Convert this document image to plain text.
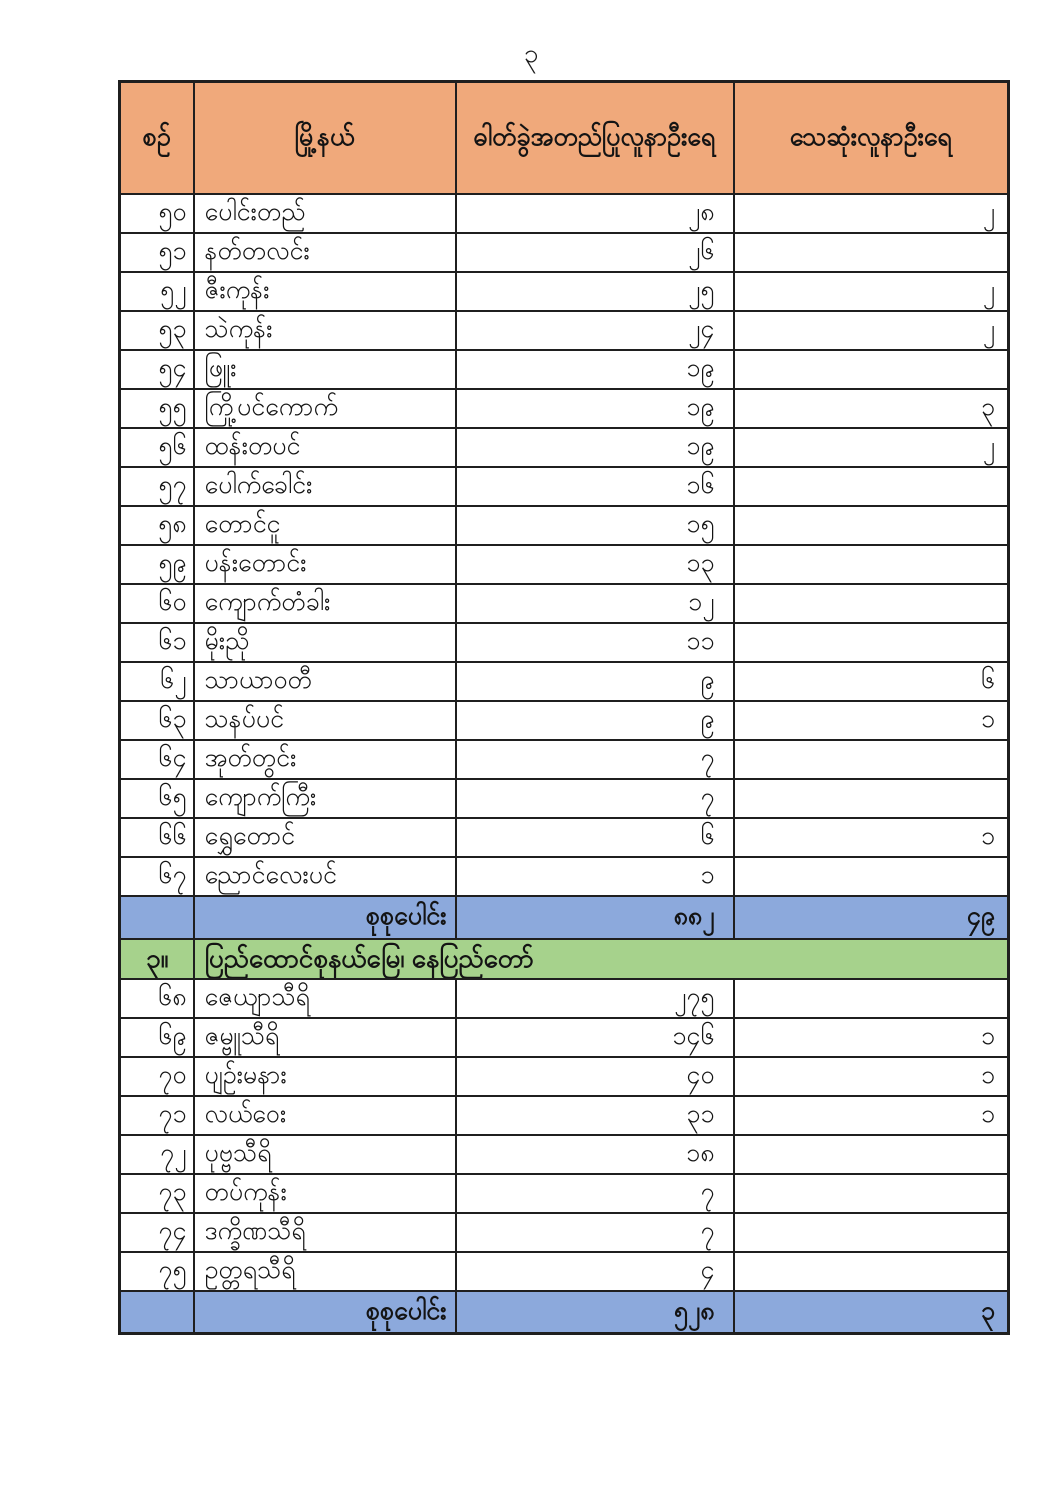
၃
စဉ်	မြို့နယ်	ဓါတ်ခွဲအတည်ပြုလူနာဦးရေ	သေဆုံးလူနာဦးရေ
၅၀	ပေါင်းတည်	၂၈	၂
၅၁	နတ်တလင်း	၂၆	
၅၂	ဇီးကုန်း	၂၅	၂
၅၃	သဲကုန်း	၂၄	၂
၅၄	ဖြူး	၁၉	
၅၅	ကြို့ပင်ကောက်	၁၉	၃
၅၆	ထန်းတပင်	၁၉	၂
၅၇	ပေါက်ခေါင်း	၁၆	
၅၈	တောင်ငူ	၁၅	
၅၉	ပန်းတောင်း	၁၃	
၆၀	ကျောက်တံခါး	၁၂	
၆၁	မိုးညို	၁၁	
၆၂	သာယာဝတီ	၉	၆
၆၃	သနပ်ပင်	၉	၁
၆၄	အုတ်တွင်း	၇	
၆၅	ကျောက်ကြီး	၇	
၆၆	ရွှေတောင်	၆	၁
၆၇	ညောင်လေးပင်	၁	
	စုစုပေါင်း	၈၈၂	၄၉
၃။	ပြည်ထောင်စုနယ်မြေ၊ နေပြည်တော်		
၆၈	ဇေယျာသီရိ	၂၇၅	
၆၉	ဇမ္ဗူသီရိ	၁၄၆	၁
၇၀	ပျဉ်းမနား	၄၀	၁
၇၁	လယ်ဝေး	၃၁	၁
၇၂	ပုဗ္ဗသီရိ	၁၈	
၇၃	တပ်ကုန်း	၇	
၇၄	ဒက္ခိဏသီရိ	၇	
၇၅	ဥတ္တရသီရိ	၄	
	စုစုပေါင်း	၅၂၈	၃
